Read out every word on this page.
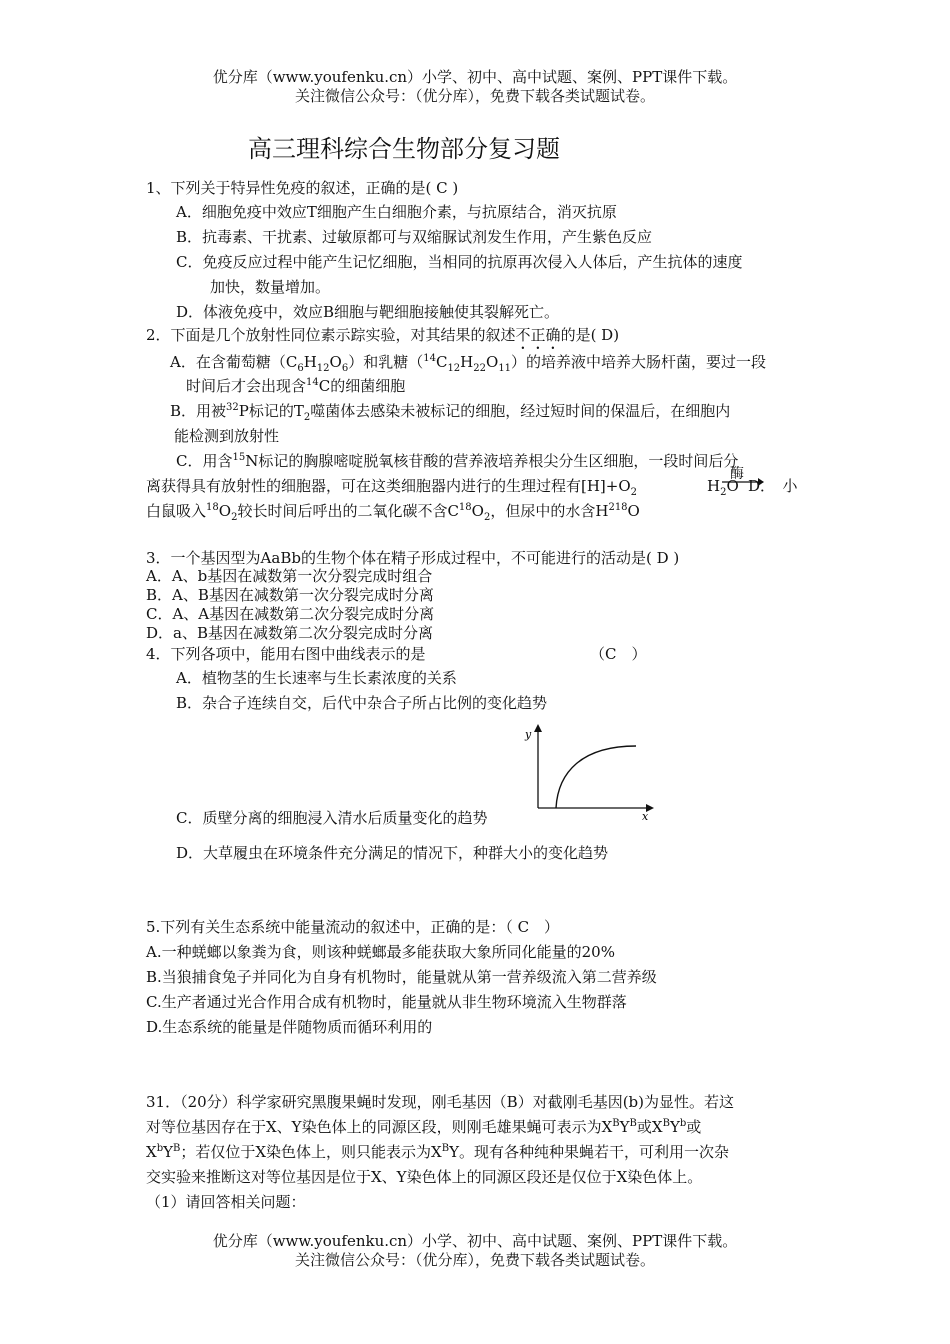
优分库（www.youfenku.cn）小学、初中、高中试题、案例、PPT课件下载。
关注微信公众号：（优分库），免费下载各类试题试卷。
高三理科综合生物部分复习题
1、下列关于特异性免疫的叙述，正确的是( C )
A．细胞免疫中效应T细胞产生白细胞介素，与抗原结合，消灭抗原
B．抗毒素、干扰素、过敏原都可与双缩脲试剂发生作用，产生紫色反应
C．免疫反应过程中能产生记忆细胞，当相同的抗原再次侵入人体后，产生抗体的速度
加快，数量增加。
D．体液免疫中，效应B细胞与靶细胞接触使其裂解死亡。
2．下面是几个放射性同位素示踪实验，对其结果的叙述不正确的是( D)
A．在含葡萄糖$(C_6H_{12}O_6)$和乳糖$(^{14}C_{12}H_{22}O_{11})$的培养液中培养大肠杆菌，要过一段
时间后才会出现含$^{14}$C的细菌细胞
B．用被$^{32}$P标记的$T_2$噬菌体去感染未被标记的细胞，经过短时间的保温后，在细胞内
能检测到放射性
C．用含$^{15}$N标记的胸腺嘧啶脱氧核苷酸的营养液培养根尖分生区细胞，一段时间后分
酶
离获得具有放射性的细胞器，可在这类细胞器内进行的生理过程有$[H]+O_2$	$H_2O$ D．　小
白鼠吸入$^{18}O_2$较长时间后呼出的二氧化碳不含$C^{18}O_2$，但尿中的水含$H^{218}O$
3．一个基因型为AaBb的生物个体在精子形成过程中，不可能进行的活动是( D )
A．A、b基因在减数第一次分裂完成时组合
B．A、B基因在减数第一次分裂完成时分离
C．A、A基因在减数第二次分裂完成时分离
D．a、B基因在减数第二次分裂完成时分离
4．下列各项中，能用右图中曲线表示的是	（C　）
A．植物茎的生长速率与生长素浓度的关系
B．杂合子连续自交，后代中杂合子所占比例的变化趋势
y
x
C．质壁分离的细胞浸入清水后质量变化的趋势
D．大草履虫在环境条件充分满足的情况下，种群大小的变化趋势
5.下列有关生态系统中能量流动的叙述中，正确的是：（ C　）
A.一种蜣螂以象粪为食，则该种蜣螂最多能获取大象所同化能量的20%
B.当狼捕食兔子并同化为自身有机物时，能量就从第一营养级流入第二营养级
C.生产者通过光合作用合成有机物时，能量就从非生物环境流入生物群落
D.生态系统的能量是伴随物质而循环利用的
31．（20分）科学家研究黑腹果蝇时发现，刚毛基因（B）对截刚毛基因(b)为显性。若这
对等位基因存在于X、Y染色体上的同源区段，则刚毛雄果蝇可表示为$X^BY^B$或$X^BY^b$或
$X^bY^B$；若仅位于X染色体上，则只能表示为$X^BY$。现有各种纯种果蝇若干，可利用一次杂
交实验来推断这对等位基因是位于X、Y染色体上的同源区段还是仅位于X染色体上。
（1）请回答相关问题：
优分库（www.youfenku.cn）小学、初中、高中试题、案例、PPT课件下载。
关注微信公众号：（优分库），免费下载各类试题试卷。
